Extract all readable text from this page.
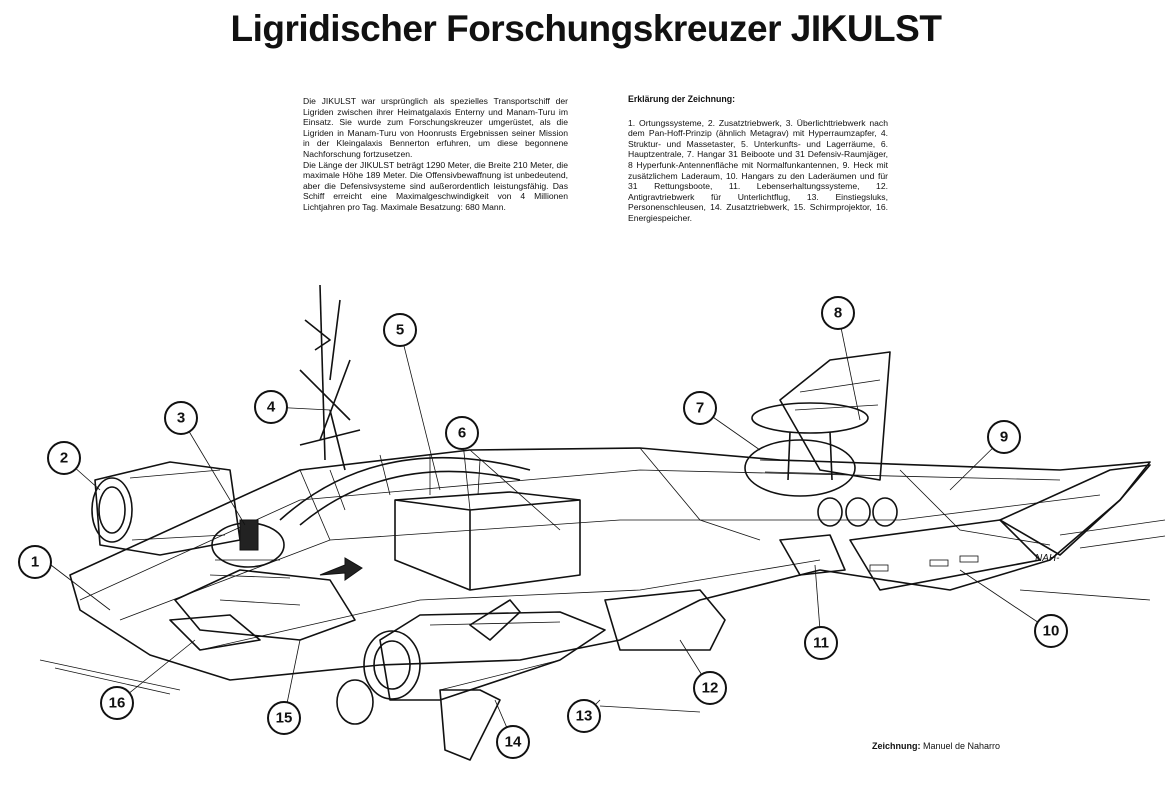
Ligridischer Forschungskreuzer JIKULST

Die JIKULST war ursprünglich als spezielles Transportschiff der Ligriden zwischen ihrer Heimatgalaxis Enterny und Manam-Turu im Einsatz. Sie wurde zum Forschungskreuzer umgerüstet, als die Ligriden in Manam-Turu von Hoonrusts Ergebnissen seiner Mission in der Kleingalaxis Bennerton erfuhren, um diese begonnene Nachforschung fortzusetzen.

Die Länge der JIKULST beträgt 1290 Meter, die Breite 210 Meter, die maximale Höhe 189 Meter. Die Offensivbewaffnung ist unbedeutend, aber die Defensivsysteme sind außerordentlich leistungsfähig. Das Schiff erreicht eine Maximalgeschwindigkeit von 4 Millionen Lichtjahren pro Tag. Maximale Besatzung: 680 Mann.

Erklärung der Zeichnung:

1. Ortungssysteme, 2. Zusatztriebwerk, 3. Überlichttriebwerk nach dem Pan-Hoff-Prinzip (ähnlich Metagrav) mit Hyperraumzapfer, 4. Struktur- und Massetaster, 5. Unterkunfts- und Lagerräume, 6. Hauptzentrale, 7. Hangar 31 Beiboote und 31 Defensiv-Raumjäger, 8 Hyperfunk-Antennenfläche mit Normalfunkantennen, 9. Heck mit zusätzlichem Laderaum, 10. Hangars zu den Laderäumen und für 31 Rettungsboote, 11. Lebenserhaltungssysteme, 12. Antigravtriebwerk für Unterlichtflug, 13. Einstiegsluks, Personenschleusen, 14. Zusatztriebwerk, 15. Schirmprojektor, 16. Energiespeicher.

NAH-
1
2
3
4
5
6
7
8
9
10
11
12
13
14
15
16
Zeichnung: Manuel de Naharro
